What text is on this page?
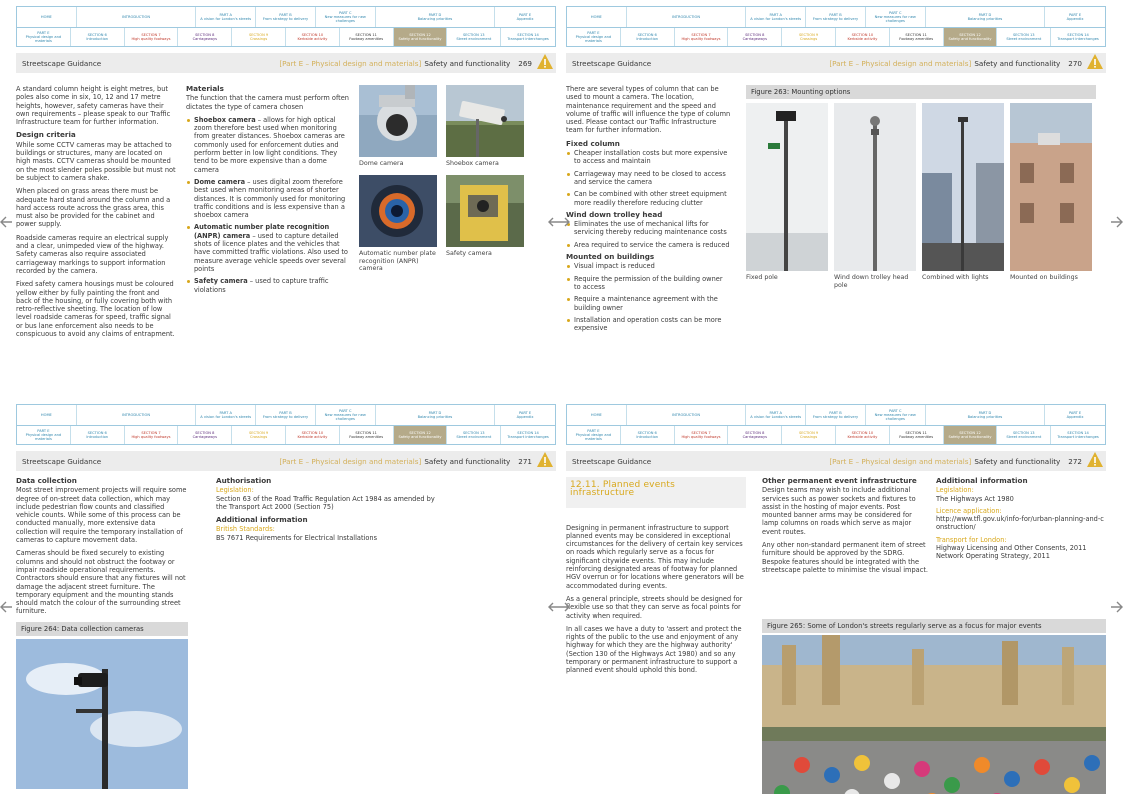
HOME	INTRODUCTION
PART A
A vision for London's streets
PART B
From strategy to delivery
PART C
New measures for new challenges
PART D
Balancing priorities
PART E
Appendix
PART E
Physical design and materials
SECTION 6
Introduction
SECTION 7
High quality footways
SECTION 8
Carriageways
SECTION 9
Crossings
SECTION 10
Kerbside activity
SECTION 11
Footway amenities
SECTION 12
Safety and functionality
SECTION 13
Street environment
SECTION 14
Transport interchanges
Streetscape Guidance	[Part E – Physical design and materials] Safety and functionality 269

A standard column height is eight metres, but poles also come in six, 10, 12 and 17 metre heights, however, safety cameras have their own requirements – please speak to our Traffic Infrastructure team for further information.

Design criteria

While some CCTV cameras may be attached to buildings or structures, many are located on high masts. CCTV cameras should be mounted on the most slender poles possible but must not be subject to camera shake.

When placed on grass areas there must be adequate hard stand around the column and a hard access route across the grass area, this must also be provided for the cabinet and power supply.

Roadside cameras require an electrical supply and a clear, unimpeded view of the highway. Safety cameras also require associated carriageway markings to support information recorded by the camera.

Fixed safety camera housings must be coloured yellow either by fully painting the front and back of the housing, or fully covering both with retro-reflective sheeting. The location of low level roadside cameras for speed, traffic signal or bus lane enforcement also needs to be conspicuous to avoid any claims of entrapment.

Materials

The function that the camera must perform often dictates the type of camera chosen

Shoebox camera – allows for high optical zoom therefore best used when monitoring from greater distances. Shoebox cameras are commonly used for enforcement duties and perform better in low light conditions. They tend to be more expensive than a dome camera
Dome camera – uses digital zoom therefore best used when monitoring areas of shorter distances. It is commonly used for monitoring traffic conditions and is less expensive than a shoebox camera
Automatic number plate recognition (ANPR) camera – used to capture detailed shots of licence plates and the vehicles that have committed traffic violations. Also used to measure average vehicle speeds over several points
Safety camera – used to capture traffic violations
Dome camera	Shoebox camera
Automatic number plate recognition (ANPR) camera
Safety camera
HOME	INTRODUCTION
PART A
A vision for London's streets
PART B
From strategy to delivery
PART C
New measures for new challenges
PART D
Balancing priorities
PART E
Appendix
PART E
Physical design and materials
SECTION 6
Introduction
SECTION 7
High quality footways
SECTION 8
Carriageways
SECTION 9
Crossings
SECTION 10
Kerbside activity
SECTION 11
Footway amenities
SECTION 12
Safety and functionality
SECTION 13
Street environment
SECTION 14
Transport interchanges
Streetscape Guidance	[Part E – Physical design and materials] Safety and functionality 270

There are several types of column that can be used to mount a camera. The location, maintenance requirement and the speed and volume of traffic will influence the type of column used. Please contact our Traffic Infrastructure team for further information.

Fixed column
Cheaper installation costs but more expensive to access and maintain
Carriageway may need to be closed to access and service the camera
Can be combined with other street equipment more readily therefore reducing clutter
Wind down trolley head
Eliminates the use of mechanical lifts for servicing thereby reducing maintenance costs
Area required to service the camera is reduced
Mounted on buildings
Visual impact is reduced
Require the permission of the building owner to access
Require a maintenance agreement with the building owner
Installation and operation costs can be more expensive
Figure 263: Mounting options
Fixed pole	Wind down trolley head pole
Combined with lights	Mounted on buildings
HOME	INTRODUCTION
PART A
A vision for London's streets
PART B
From strategy to delivery
PART C
New measures for new challenges
PART D
Balancing priorities
PART E
Appendix
PART E
Physical design and materials
SECTION 6
Introduction
SECTION 7
High quality footways
SECTION 8
Carriageways
SECTION 9
Crossings
SECTION 10
Kerbside activity
SECTION 11
Footway amenities
SECTION 12
Safety and functionality
SECTION 13
Street environment
SECTION 14
Transport interchanges
Streetscape Guidance	[Part E – Physical design and materials] Safety and functionality 271
Data collection

Most street improvement projects will require some degree of on-street data collection, which may include pedestrian flow counts and classified vehicle counts. While some of this process can be conducted manually, more extensive data collection will require the temporary installation of cameras to capture movement data.

Cameras should be fixed securely to existing columns and should not obstruct the footway or impair roadside operational requirements. Contractors should ensure that any fixtures will not damage the adjacent street furniture. The temporary equipment and the mounting stands should match the colour of the surrounding street furniture.

Figure 264: Data collection cameras
Authorisation
Legislation:

Section 63 of the Road Traffic Regulation Act 1984 as amended by the Transport Act 2000 (Section 75)

Additional information
British Standards:

BS 7671 Requirements for Electrical Installations

HOME	INTRODUCTION
PART A
A vision for London's streets
PART B
From strategy to delivery
PART C
New measures for new challenges
PART D
Balancing priorities
PART E
Appendix
PART E
Physical design and materials
SECTION 6
Introduction
SECTION 7
High quality footways
SECTION 8
Carriageways
SECTION 9
Crossings
SECTION 10
Kerbside activity
SECTION 11
Footway amenities
SECTION 12
Safety and functionality
SECTION 13
Street environment
SECTION 14
Transport interchanges
Streetscape Guidance	[Part E – Physical design and materials] Safety and functionality 272
12.11. Planned events infrastructure

Designing in permanent infrastructure to support planned events may be considered in exceptional circumstances for the delivery of certain key services on roads which regularly serve as a focus for significant citywide events. This may include reinforcing designated areas of footway for planned HGV overrun or for locations where generators will be accommodated during events.

As a general principle, streets should be designed for flexible use so that they can serve as focal points for activity when required.

In all cases we have a duty to 'assert and protect the rights of the public to the use and enjoyment of any highway for which they are the highway authority' (Section 130 of the Highways Act 1980) and so any temporary or permanent infrastructure to support a planned event should uphold this bond.

Other permanent event infrastructure

Design teams may wish to include additional services such as power sockets and fixtures to assist in the hosting of major events. Post mounted banner arms may be considered for lamp columns on roads which serve as major event routes.

Any other non-standard permanent item of street furniture should be approved by the SDRG. Bespoke features should be integrated with the streetscape palette to minimise the visual impact.

Additional information
Legislation:
The Highways Act 1980
Licence application:
http://www.tfl.gov.uk/info-for/urban-planning-and-construction/
Transport for London:
Highway Licensing and Other Consents, 2011
Network Operating Strategy, 2011
Figure 265: Some of London's streets regularly serve as a focus for major events
